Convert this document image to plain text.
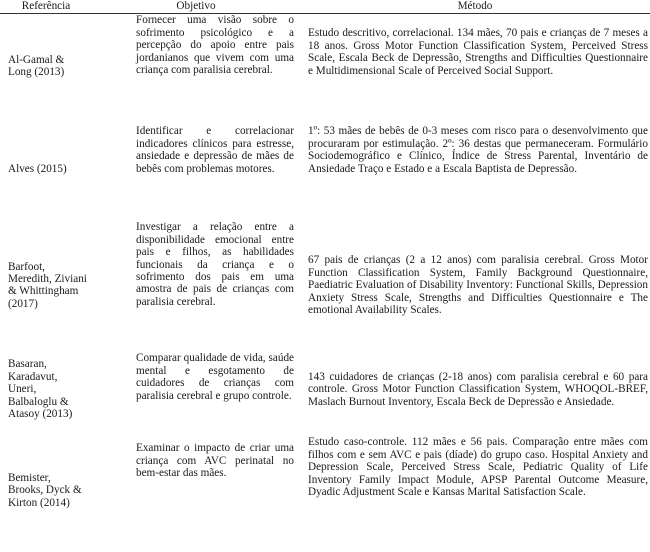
Referência	Objetivo	Método
Al-Gamal & Long (2013)	Fornecer uma visão sobre o sofrimento psicológico e a percepção do apoio entre pais jordanianos que vivem com uma criança com paralisia cerebral.	Estudo descritivo, correlacional. 134 mães, 70 pais e crianças de 7 meses a 18 anos. Gross Motor Function Classification System, Perceived Stress Scale, Escala Beck de Depressão, Strengths and Difficulties Questionnaire e Multidimensional Scale of Perceived Social Support.
Alves (2015)	Identificar e correlacionar indicadores clínicos para estresse, ansiedade e depressão de mães de bebês com problemas motores.	1º: 53 mães de bebês de 0-3 meses com risco para o desenvolvimento que procuraram por estimulação. 2º: 36 destas que permaneceram. Formulário Sociodemográfico e Clínico, Índice de Stress Parental, Inventário de Ansiedade Traço e Estado e a Escala Baptista de Depressão.
Barfoot, Meredith, Ziviani & Whittingham (2017)	Investigar a relação entre a disponibilidade emocional entre pais e filhos, as habilidades funcionais da criança e o sofrimento dos pais em uma amostra de pais de crianças com paralisia cerebral.	67 pais de crianças (2 a 12 anos) com paralisia cerebral. Gross Motor Function Classification System, Family Background Questionnaire, Paediatric Evaluation of Disability Inventory: Functional Skills, Depression Anxiety Stress Scale, Strengths and Difficulties Questionnaire e The emotional Availability Scales.
Basaran, Karadavut, Uneri, Balbaloglu & Atasoy (2013)	Comparar qualidade de vida, saúde mental e esgotamento de cuidadores de crianças com paralisia cerebral e grupo controle.	143 cuidadores de crianças (2-18 anos) com paralisia cerebral e 60 para controle. Gross Motor Function Classification System, WHOQOL-BREF, Maslach Burnout Inventory, Escala Beck de Depressão e Ansiedade.
Bemister, Brooks, Dyck & Kirton (2014)	Examinar o impacto de criar uma criança com AVC perinatal no bem-estar das mães.	Estudo caso-controle. 112 mães e 56 pais. Comparação entre mães com filhos com e sem AVC e pais (díade) do grupo caso. Hospital Anxiety and Depression Scale, Perceived Stress Scale, Pediatric Quality of Life Inventory Family Impact Module, APSP Parental Outcome Measure, Dyadic Adjustment Scale e Kansas Marital Satisfaction Scale.
